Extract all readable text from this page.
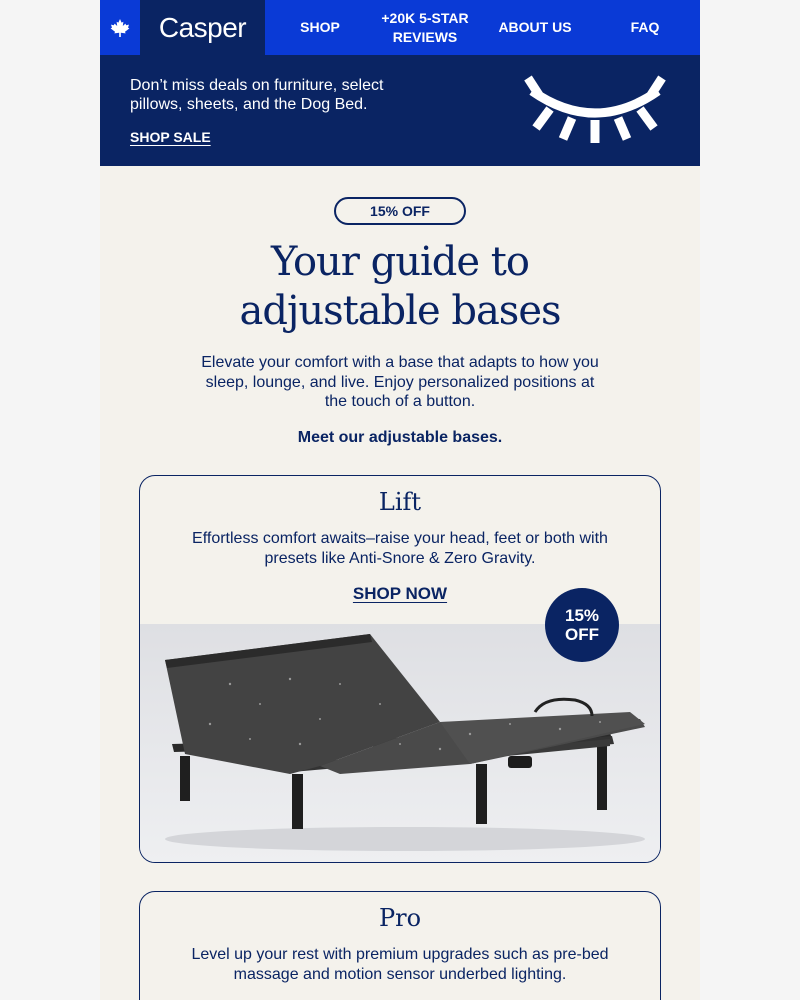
Casper	SHOP
+20K 5-STAR REVIEWS
ABOUT US	FAQ
Don’t miss deals on furniture, select pillows, sheets, and the Dog Bed.
SHOP SALE
15% OFF
Your guide to
adjustable bases
Elevate your comfort with a base that adapts to how you sleep, lounge, and live. Enjoy personalized positions at the touch of a button.
Meet our adjustable bases.
Lift
Effortless comfort awaits–raise your head, feet or both with presets like Anti-Snore & Zero Gravity.
SHOP NOW
15%
OFF
Pro
Level up your rest with premium upgrades such as pre-bed massage and motion sensor underbed lighting.
